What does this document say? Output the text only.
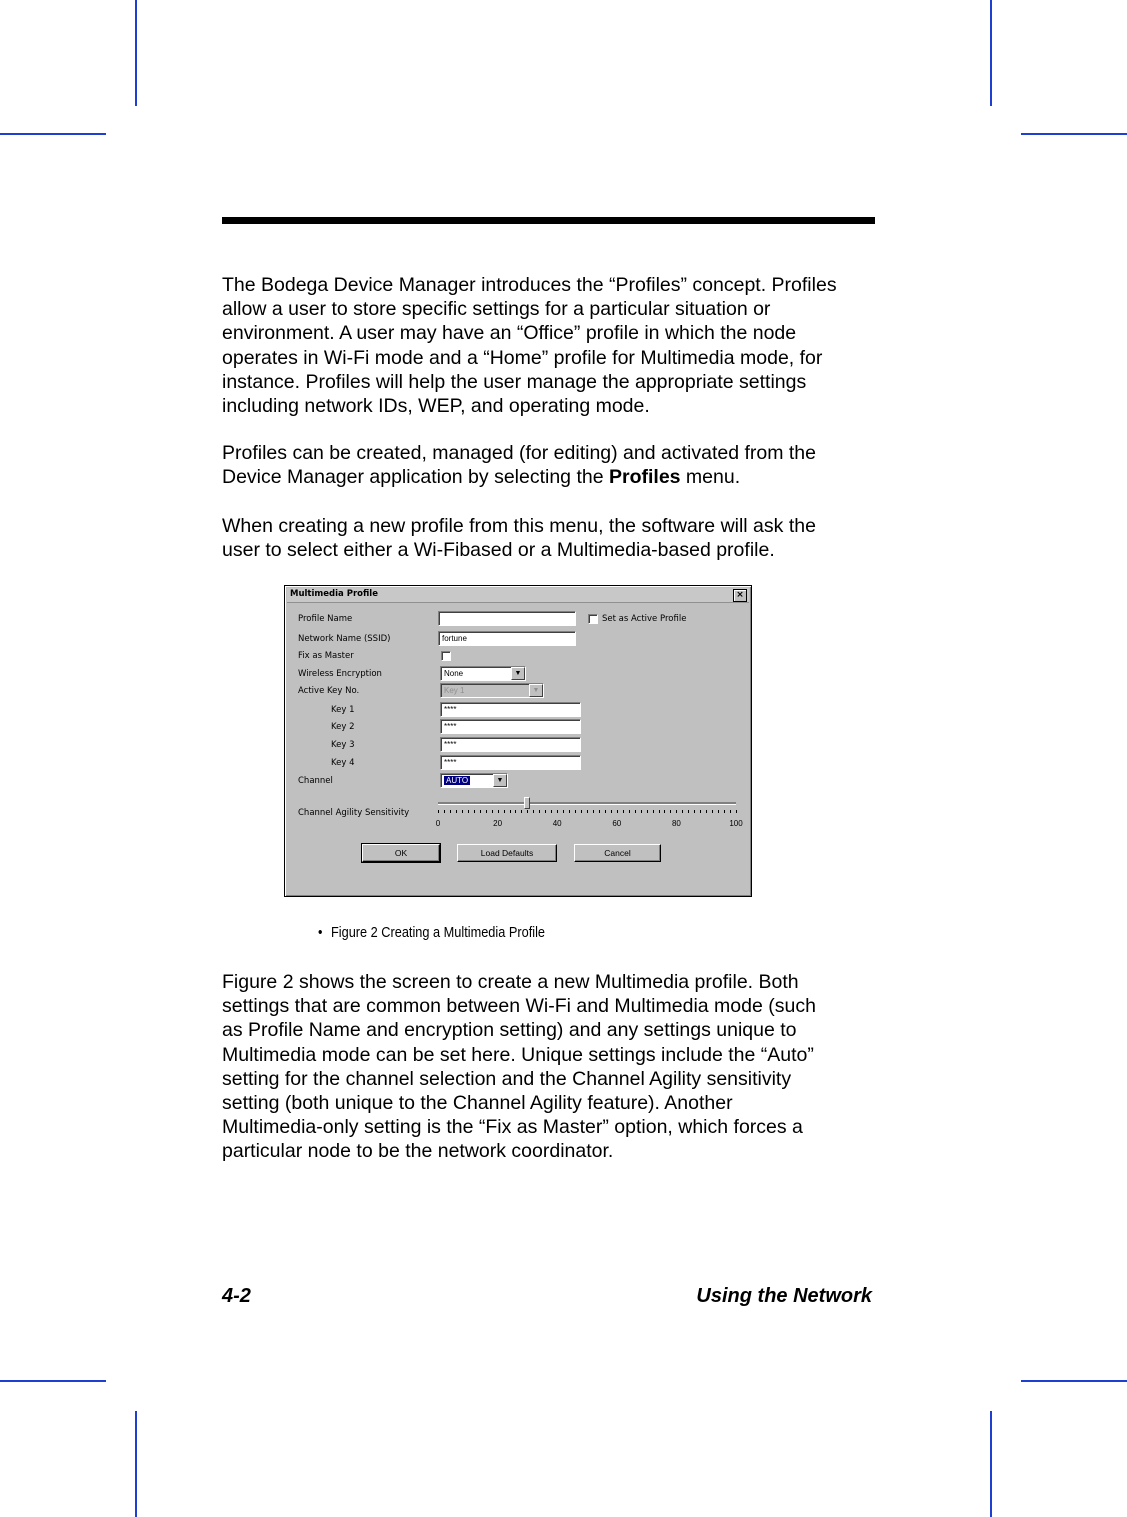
The Bodega Device Manager introduces the “Profiles” concept. Profiles
allow a user to store specific settings for a particular situation or
environment. A user may have an “Office” profile in which the node
operates in Wi-Fi mode and a “Home” profile for Multimedia mode, for
instance. Profiles will help the user manage the appropriate settings
including network IDs, WEP, and operating mode.

Profiles can be created, managed (for editing) and activated from the
Device Manager application by selecting the Profiles menu.

When creating a new profile from this menu, the software will ask the
user to select either a Wi-Fibased or a Multimedia-based profile.

Multimedia Profile	×
Profile Name	Set as Active Profile
Network Name (SSID)	fortune
Fix as Master
Wireless Encryption	None	▼
Active Key No.	Key 1	▼
Key 1	****
Key 2	****
Key 3	****
Key 4	****
Channel	AUTO	▼
Channel Agility Sensitivity
0	20	40	60	80	100
OK	Load Defaults	Cancel
• Figure 2 Creating a Multimedia Profile

Figure 2 shows the screen to create a new Multimedia profile. Both
settings that are common between Wi-Fi and Multimedia mode (such
as Profile Name and encryption setting) and any settings unique to
Multimedia mode can be set here. Unique settings include the “Auto”
setting for the channel selection and the Channel Agility sensitivity
setting (both unique to the Channel Agility feature). Another
Multimedia-only setting is the “Fix as Master” option, which forces a
particular node to be the network coordinator.

4-2	Using the Network
